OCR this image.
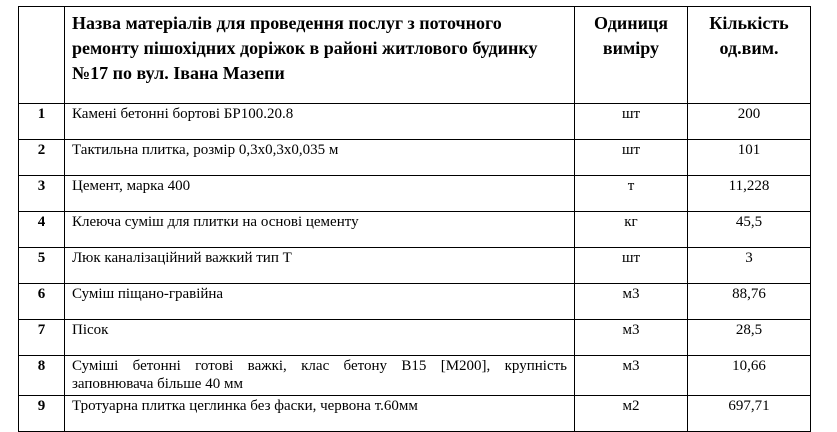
	Назва матеріалів для проведення послуг з поточного ремонту пішохідних доріжок в районі житлового будинку №17 по вул. Івана Мазепи	Одиниця виміру	Кількість од.вим.
1	Камені бетонні бортові БР100.20.8	шт	200
2	Тактильна плитка, розмір 0,3х0,3х0,035 м	шт	101
3	Цемент, марка 400	т	11,228
4	Клеюча суміш для плитки на основі цементу	кг	45,5
5	Люк каналізаційний важкий тип Т	шт	3
6	Суміш піщано-гравійна	м3	88,76
7	Пісок	м3	28,5
8	Суміші бетонні готові важкі, клас бетону В15 [М200], крупність заповнювача більше 40 мм	м3	10,66
9	Тротуарна плитка цеглинка без фаски, червона т.60мм	м2	697,71
